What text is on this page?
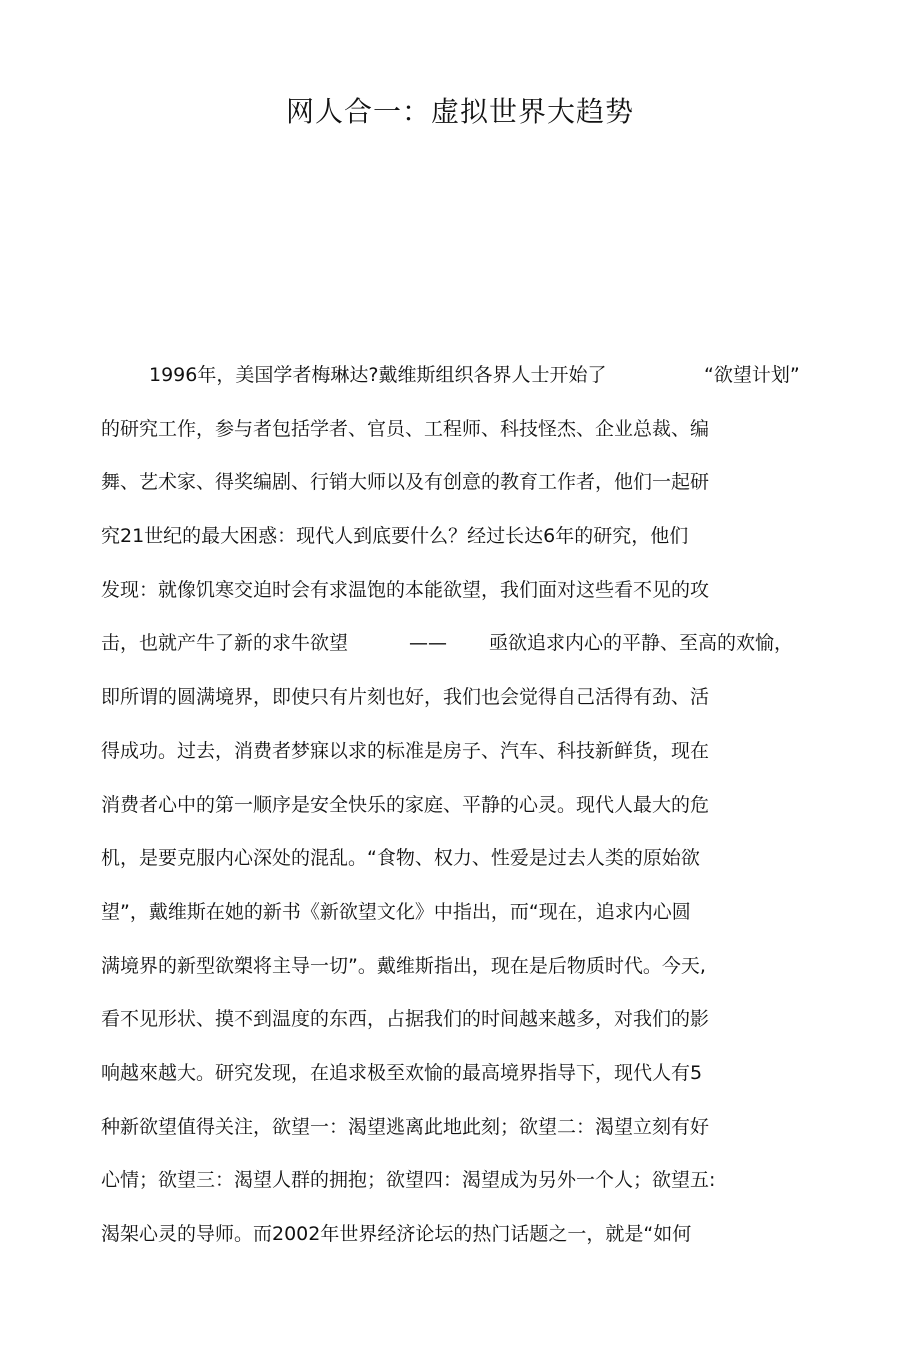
网人合一：虚拟世界大趋势
1996年，美国学者梅琳达?戴维斯组织各界人士开始了	“欲望计划”
的研究工作，参与者包括学者、官员、工程师、科技怪杰、企业总裁、编
舞、艺术家、得奖编剧、行销大师以及有创意的教育工作者，他们一起研
究21世纪的最大困惑：现代人到底要什么？经过长达6年的研究，他们
发现：就像饥寒交迫时会有求温饱的本能欲望，我们面对这些看不见的攻
击，也就产牛了新的求牛欲望	—— 亟欲追求内心的平静、至高的欢愉，
即所谓的圆满境界，即使只有片刻也好，我们也会觉得自己活得有劲、活
得成功。过去，消费者梦寐以求的标准是房子、汽车、科技新鲜货，现在
消费者心中的第一顺序是安全快乐的家庭、平静的心灵。现代人最大的危
机，是要克服内心深处的混乱。“食物、权力、性爱是过去人类的原始欲
望”，戴维斯在她的新书《新欲望文化》中指出，而“现在，追求内心圆
满境界的新型欲槊将主导一切”。戴维斯指出，现在是后物质时代。今天,
看不见形状、摸不到温度的东西，占据我们的时间越来越多，对我们的影
响越來越大。研究发现，在追求极至欢愉的最高境界指导下，现代人有5
种新欲望值得关注，欲望一：渴望逃离此地此刻；欲望二：渴望立刻有好
心情；欲望三：渴望人群的拥抱；欲望四：渴望成为另外一个人；欲望五:
渴架心灵的导师。而2002年世界经济论坛的热门话题之一，就是“如何
